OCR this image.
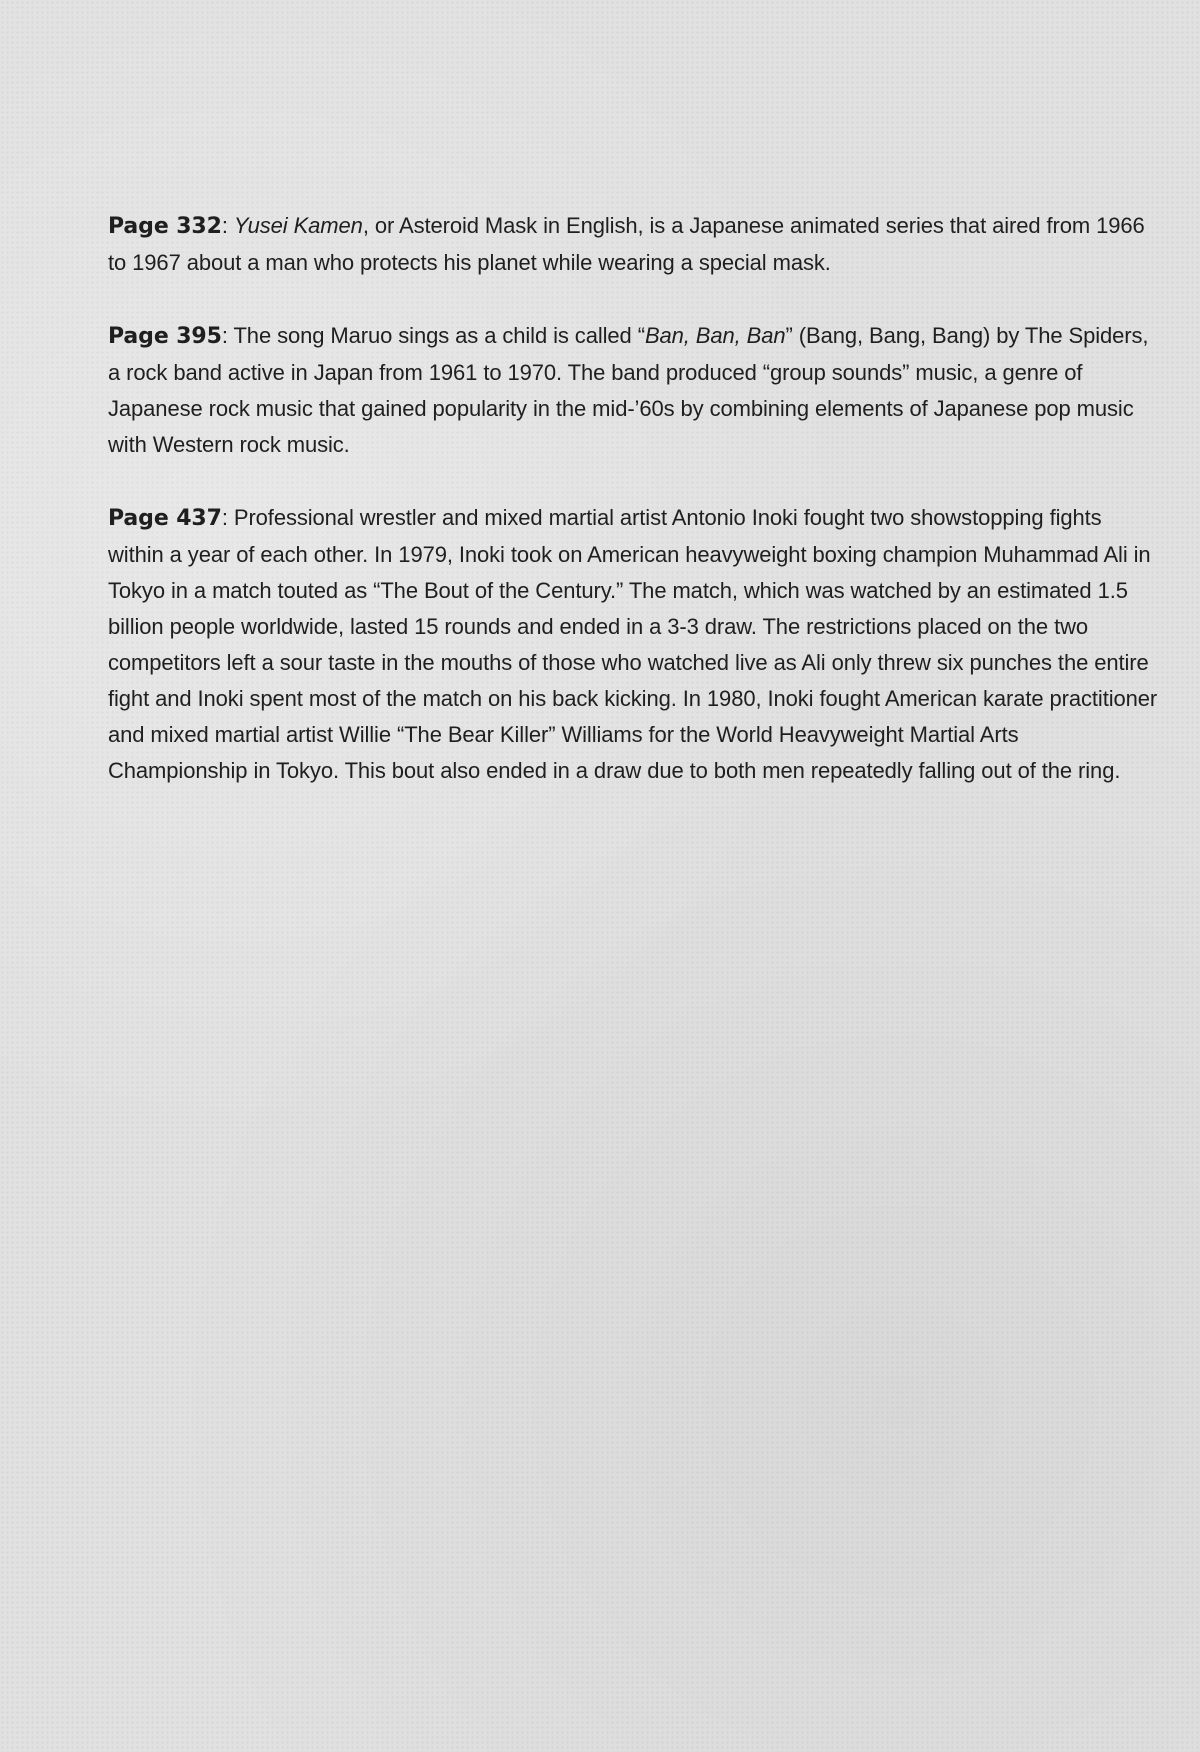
Page 332: Yusei Kamen, or Asteroid Mask in English, is a Japanese animated series that aired from 1966 to 1967 about a man who protects his planet while wearing a special mask.

Page 395: The song Maruo sings as a child is called “Ban, Ban, Ban” (Bang, Bang, Bang) by The Spiders, a rock band active in Japan from 1961 to 1970. The band produced “group sounds” music, a genre of Japanese rock music that gained popularity in the mid-’60s by combining elements of Japanese pop music with Western rock music.

Page 437: Professional wrestler and mixed martial artist Antonio Inoki fought two showstopping fights within a year of each other. In 1979, Inoki took on American heavyweight boxing champion Muhammad Ali in Tokyo in a match touted as “The Bout of the Century.” The match, which was watched by an estimated 1.5 billion people worldwide, lasted 15 rounds and ended in a 3-3 draw. The restrictions placed on the two competitors left a sour taste in the mouths of those who watched live as Ali only threw six punches the entire fight and Inoki spent most of the match on his back kicking. In 1980, Inoki fought American karate practitioner and mixed martial artist Willie “The Bear Killer” Williams for the World Heavyweight Martial Arts Championship in Tokyo. This bout also ended in a draw due to both men repeatedly falling out of the ring.
